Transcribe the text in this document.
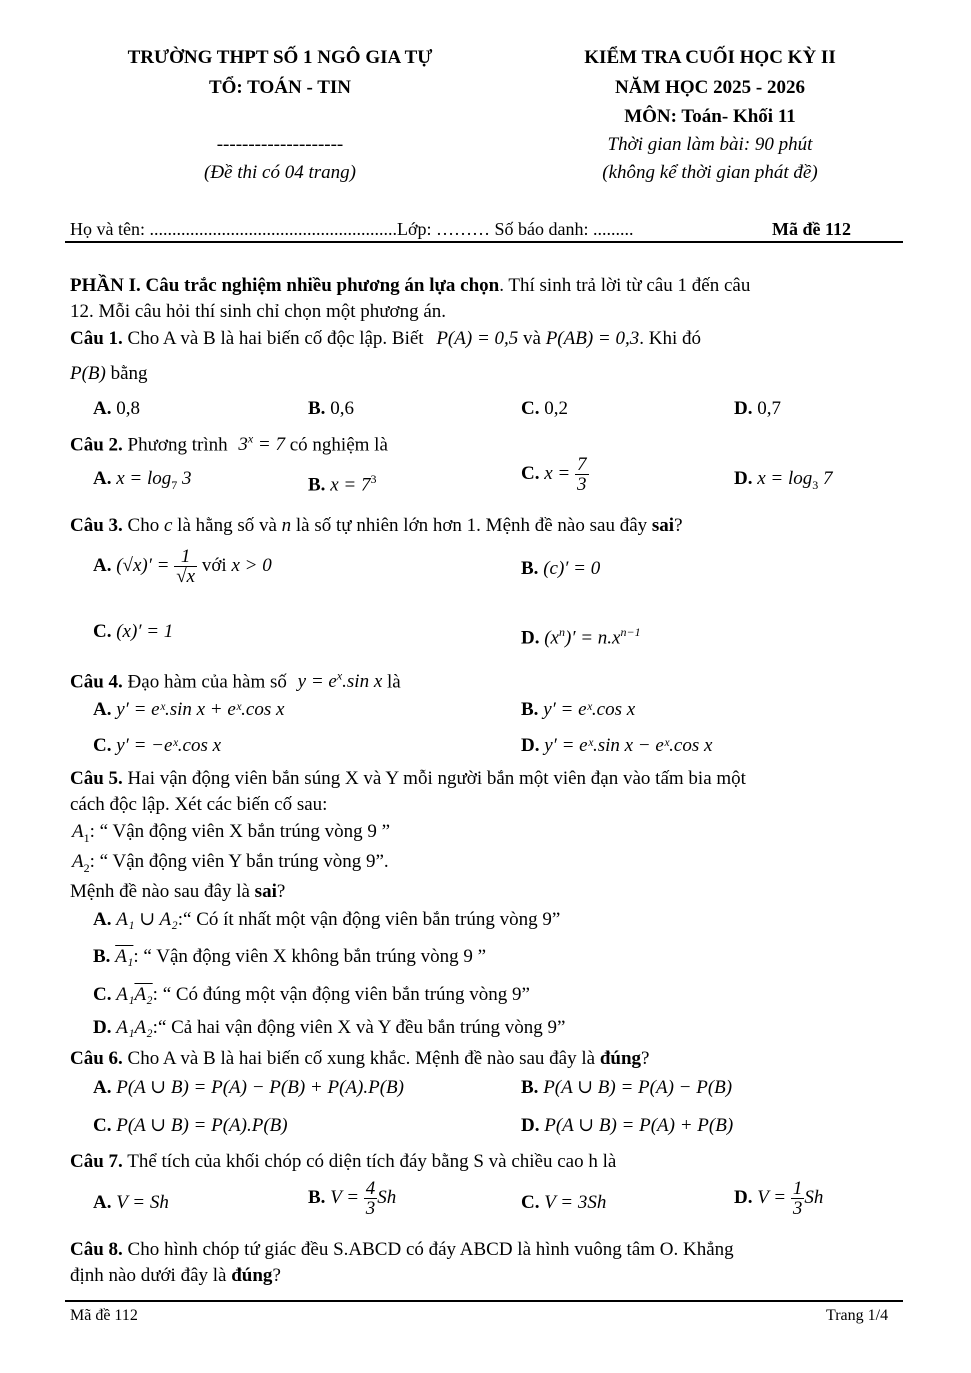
TRƯỜNG THPT SỐ 1 NGÔ GIA TỰ
TỔ: TOÁN - TIN
--------------------
(Đề thi có 04 trang)
KIỂM TRA CUỐI HỌC KỲ II
NĂM HỌC 2025 - 2026
MÔN: Toán- Khối 11
Thời gian làm bài: 90 phút
(không kể thời gian phát đề)
Họ và tên: .......................................................Lớp: ……… Số báo danh: .........	Mã đề 112
PHẦN I. Câu trắc nghiệm nhiều phương án lựa chọn. Thí sinh trả lời từ câu 1 đến câu
12. Mỗi câu hỏi thí sinh chỉ chọn một phương án.
Câu 1. Cho A và B là hai biến cố độc lập. Biết P(A) = 0,5 và P(AB) = 0,3. Khi đó
P(B) bằng
A. 0,8	B. 0,6	C. 0,2	D. 0,7
Câu 2. Phương trình $3^x = 7$ có nghiệm là
A. $x = \log_7 3$	B. $x = 7^3$	C. $x = \frac{7}{3}$	D. $x = \log_3 7$
Câu 3. Cho c là hằng số và n là số tự nhiên lớn hơn 1. Mệnh đề nào sau đây sai?
A. $(√x)' = \frac{1}{√x}$ với x > 0	B. (c)′ = 0
C. (x)′ = 1	D. $(x^n)' = n.x^{n-1}$
Câu 4. Đạo hàm của hàm số $y = e^x.\sin$ x là
A. y′ = eˣ.sin x + eˣ.cos x	B. y′ = eˣ.cos x
C. y′ = −eˣ.cos x	D. y′ = eˣ.sin x − eˣ.cos x
Câu 5. Hai vận động viên bắn súng X và Y mỗi người bắn một viên đạn vào tấm bia một
cách độc lập. Xét các biến cố sau:
$A_1$: “ Vận động viên X bắn trúng vòng 9 ”
$A_2$: “ Vận động viên Y bắn trúng vòng 9”.
Mệnh đề nào sau đây là sai?
A. A₁ ∪ A₂:“ Có ít nhất một vận động viên bắn trúng vòng 9”
B. A₁: “ Vận động viên X không bắn trúng vòng 9 ”
C. A₁A₂: “ Có đúng một vận động viên bắn trúng vòng 9”
D. A₁A₂:“ Cả hai vận động viên X và Y đều bắn trúng vòng 9”
Câu 6. Cho A và B là hai biến cố xung khắc. Mệnh đề nào sau đây là đúng?
A. P(A ∪ B) = P(A) − P(B) + P(A).P(B)	B. P(A ∪ B) = P(A) − P(B)
C. P(A ∪ B) = P(A).P(B)	D. P(A ∪ B) = P(A) + P(B)
Câu 7. Thể tích của khối chóp có diện tích đáy bằng S và chiều cao h là
A. V = Sh	B. $V = \frac{4}{3}$ Sh	C. V = 3Sh	D. $V = \frac{1}{3}$ Sh
Câu 8. Cho hình chóp tứ giác đều S.ABCD có đáy ABCD là hình vuông tâm O. Khẳng
định nào dưới đây là đúng?
Mã đề 112	Trang 1/4
